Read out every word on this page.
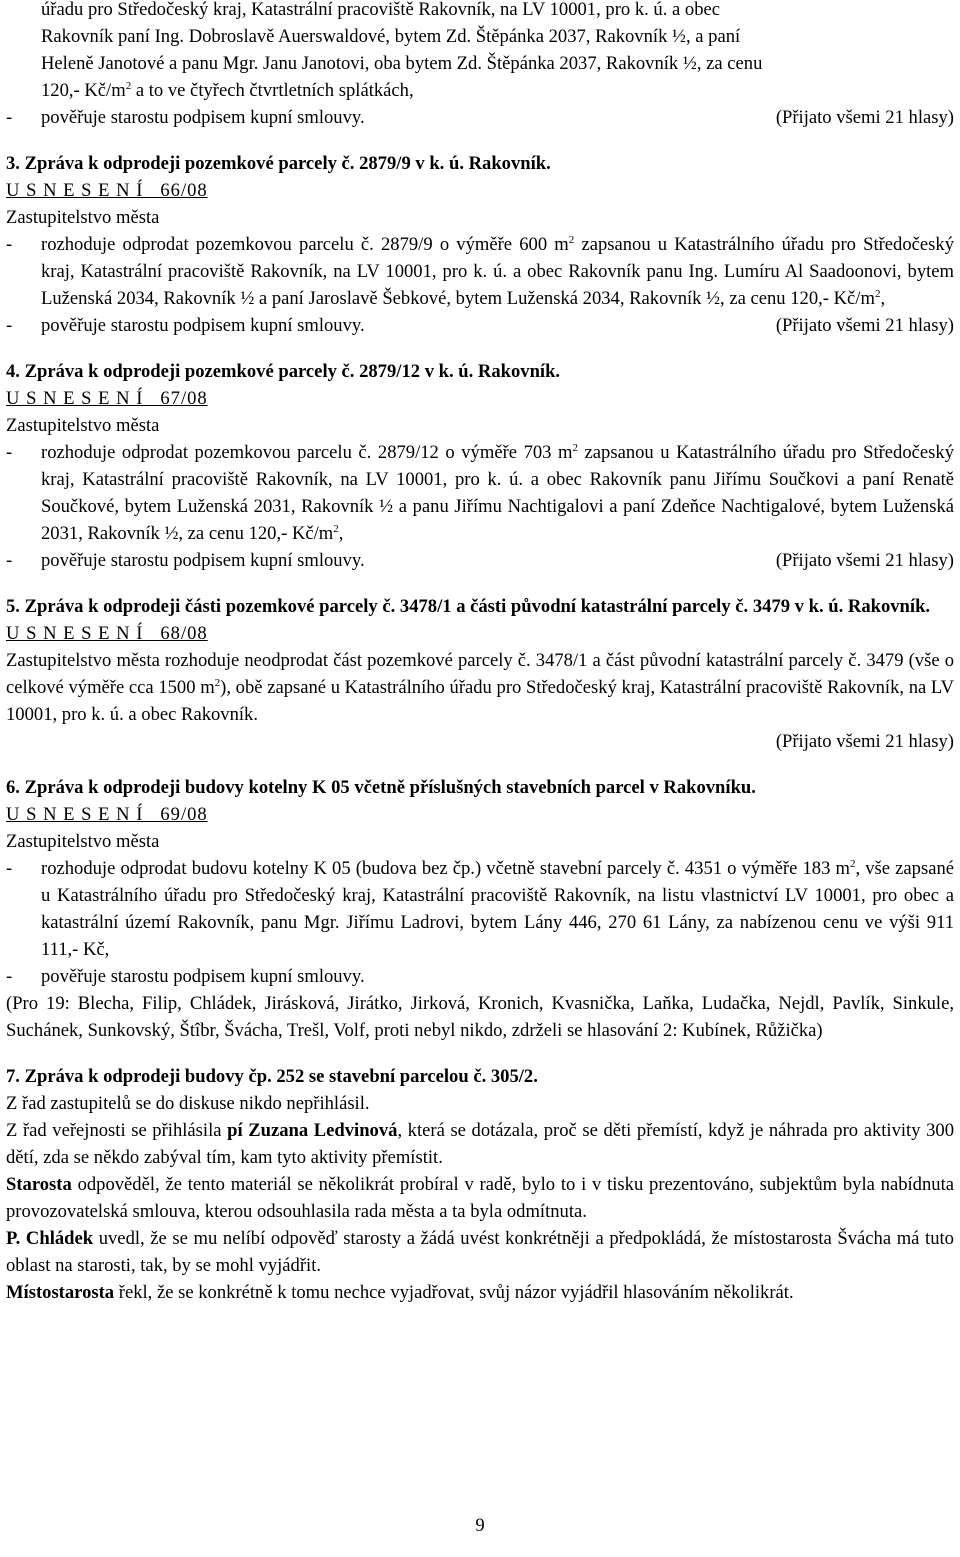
úřadu pro Středočeský kraj, Katastrální pracoviště Rakovník, na LV 10001, pro k. ú. a obec

Rakovník paní Ing. Dobroslavě Auerswaldové, bytem Zd. Štěpánka 2037, Rakovník ½, a paní

Heleně Janotové a panu Mgr. Janu Janotovi, oba bytem Zd. Štěpánka 2037, Rakovník ½, za cenu

120,- $Kč/m^2$ a to ve čtyřech čtvrtletních splátkách,

- pověřuje starostu podpisem kupní smlouvy.	(Přijato všemi 21 hlasy)

3. Zpráva k odprodeji pozemkové parcely č. 2879/9 v k. ú. Rakovník.

U S N E S E N Í   66/08

Zastupitelstvo města

- rozhoduje odprodat pozemkovou parcelu č. 2879/9 o výměře 600 $m^2$ zapsanou u Katastrálního úřadu pro Středočeský kraj, Katastrální pracoviště Rakovník, na LV 10001, pro k. ú. a obec Rakovník panu Ing. Lumíru Al Saadoonovi, bytem Luženská 2034, Rakovník ½ a paní Jaroslavě Šebkové, bytem Luženská 2034, Rakovník ½, za cenu 120,- $Kč/m^2$,
- pověřuje starostu podpisem kupní smlouvy.	(Přijato všemi 21 hlasy)

4. Zpráva k odprodeji pozemkové parcely č. 2879/12 v k. ú. Rakovník.

U S N E S E N Í   67/08

Zastupitelstvo města

- rozhoduje odprodat pozemkovou parcelu č. 2879/12 o výměře 703 $m^2$ zapsanou u Katastrálního úřadu pro Středočeský kraj, Katastrální pracoviště Rakovník, na LV 10001, pro k. ú. a obec Rakovník panu Jiřímu Součkovi a paní Renatě Součkové, bytem Luženská 2031, Rakovník ½ a panu Jiřímu Nachtigalovi a paní Zdeňce Nachtigalové, bytem Luženská 2031, Rakovník ½, za cenu 120,- $Kč/m^2$,
- pověřuje starostu podpisem kupní smlouvy.	(Přijato všemi 21 hlasy)

5. Zpráva k odprodeji části pozemkové parcely č. 3478/1 a části původní katastrální parcely č. 3479 v k. ú. Rakovník.

U S N E S E N Í   68/08

Zastupitelstvo města rozhoduje neodprodat část pozemkové parcely č. 3478/1 a část původní katastrální parcely č. 3479 (vše o celkové výměře cca 1500 $m^2$), obě zapsané u Katastrálního úřadu pro Středočeský kraj, Katastrální pracoviště Rakovník, na LV 10001, pro k. ú. a obec Rakovník.

(Přijato všemi 21 hlasy)

6. Zpráva k odprodeji budovy kotelny K 05 včetně příslušných stavebních parcel v Rakovníku.

U S N E S E N Í   69/08

Zastupitelstvo města

- rozhoduje odprodat budovu kotelny K 05 (budova bez čp.) včetně stavební parcely č. 4351 o výměře 183 $m^2$, vše zapsané u Katastrálního úřadu pro Středočeský kraj, Katastrální pracoviště Rakovník, na listu vlastnictví LV 10001, pro obec a katastrální území Rakovník, panu Mgr. Jiřímu Ladrovi, bytem Lány 446, 270 61 Lány, za nabízenou cenu ve výši 911 111,- Kč,
- pověřuje starostu podpisem kupní smlouvy.

(Pro 19: Blecha, Filip, Chládek, Jirásková, Jirátko, Jirková, Kronich, Kvasnička, Laňka, Ludačka, Nejdl, Pavlík, Sinkule, Suchánek, Sunkovský, Štîbr, Švácha, Trešl, Volf, proti nebyl nikdo, zdrželi se hlasování 2: Kubínek, Růžička)

7. Zpráva k odprodeji budovy čp. 252 se stavební parcelou č. 305/2.

Z řad zastupitelů se do diskuse nikdo nepřihlásil.

Z řad veřejnosti se přihlásila pí Zuzana Ledvinová, která se dotázala, proč se děti přemístí, když je náhrada pro aktivity 300 dětí, zda se někdo zabýval tím, kam tyto aktivity přemístit.

Starosta odpověděl, že tento materiál se několikrát probíral v radě, bylo to i v tisku prezentováno, subjektům byla nabídnuta provozovatelská smlouva, kterou odsouhlasila rada města a ta byla odmítnuta.

P. Chládek uvedl, že se mu nelíbí odpověď starosty a žádá uvést konkrétněji a předpokládá, že místostarosta Švácha má tuto oblast na starosti, tak, by se mohl vyjádřit.

Místostarosta řekl, že se konkrétně k tomu nechce vyjadřovat, svůj názor vyjádřil hlasováním několikrát.

9
